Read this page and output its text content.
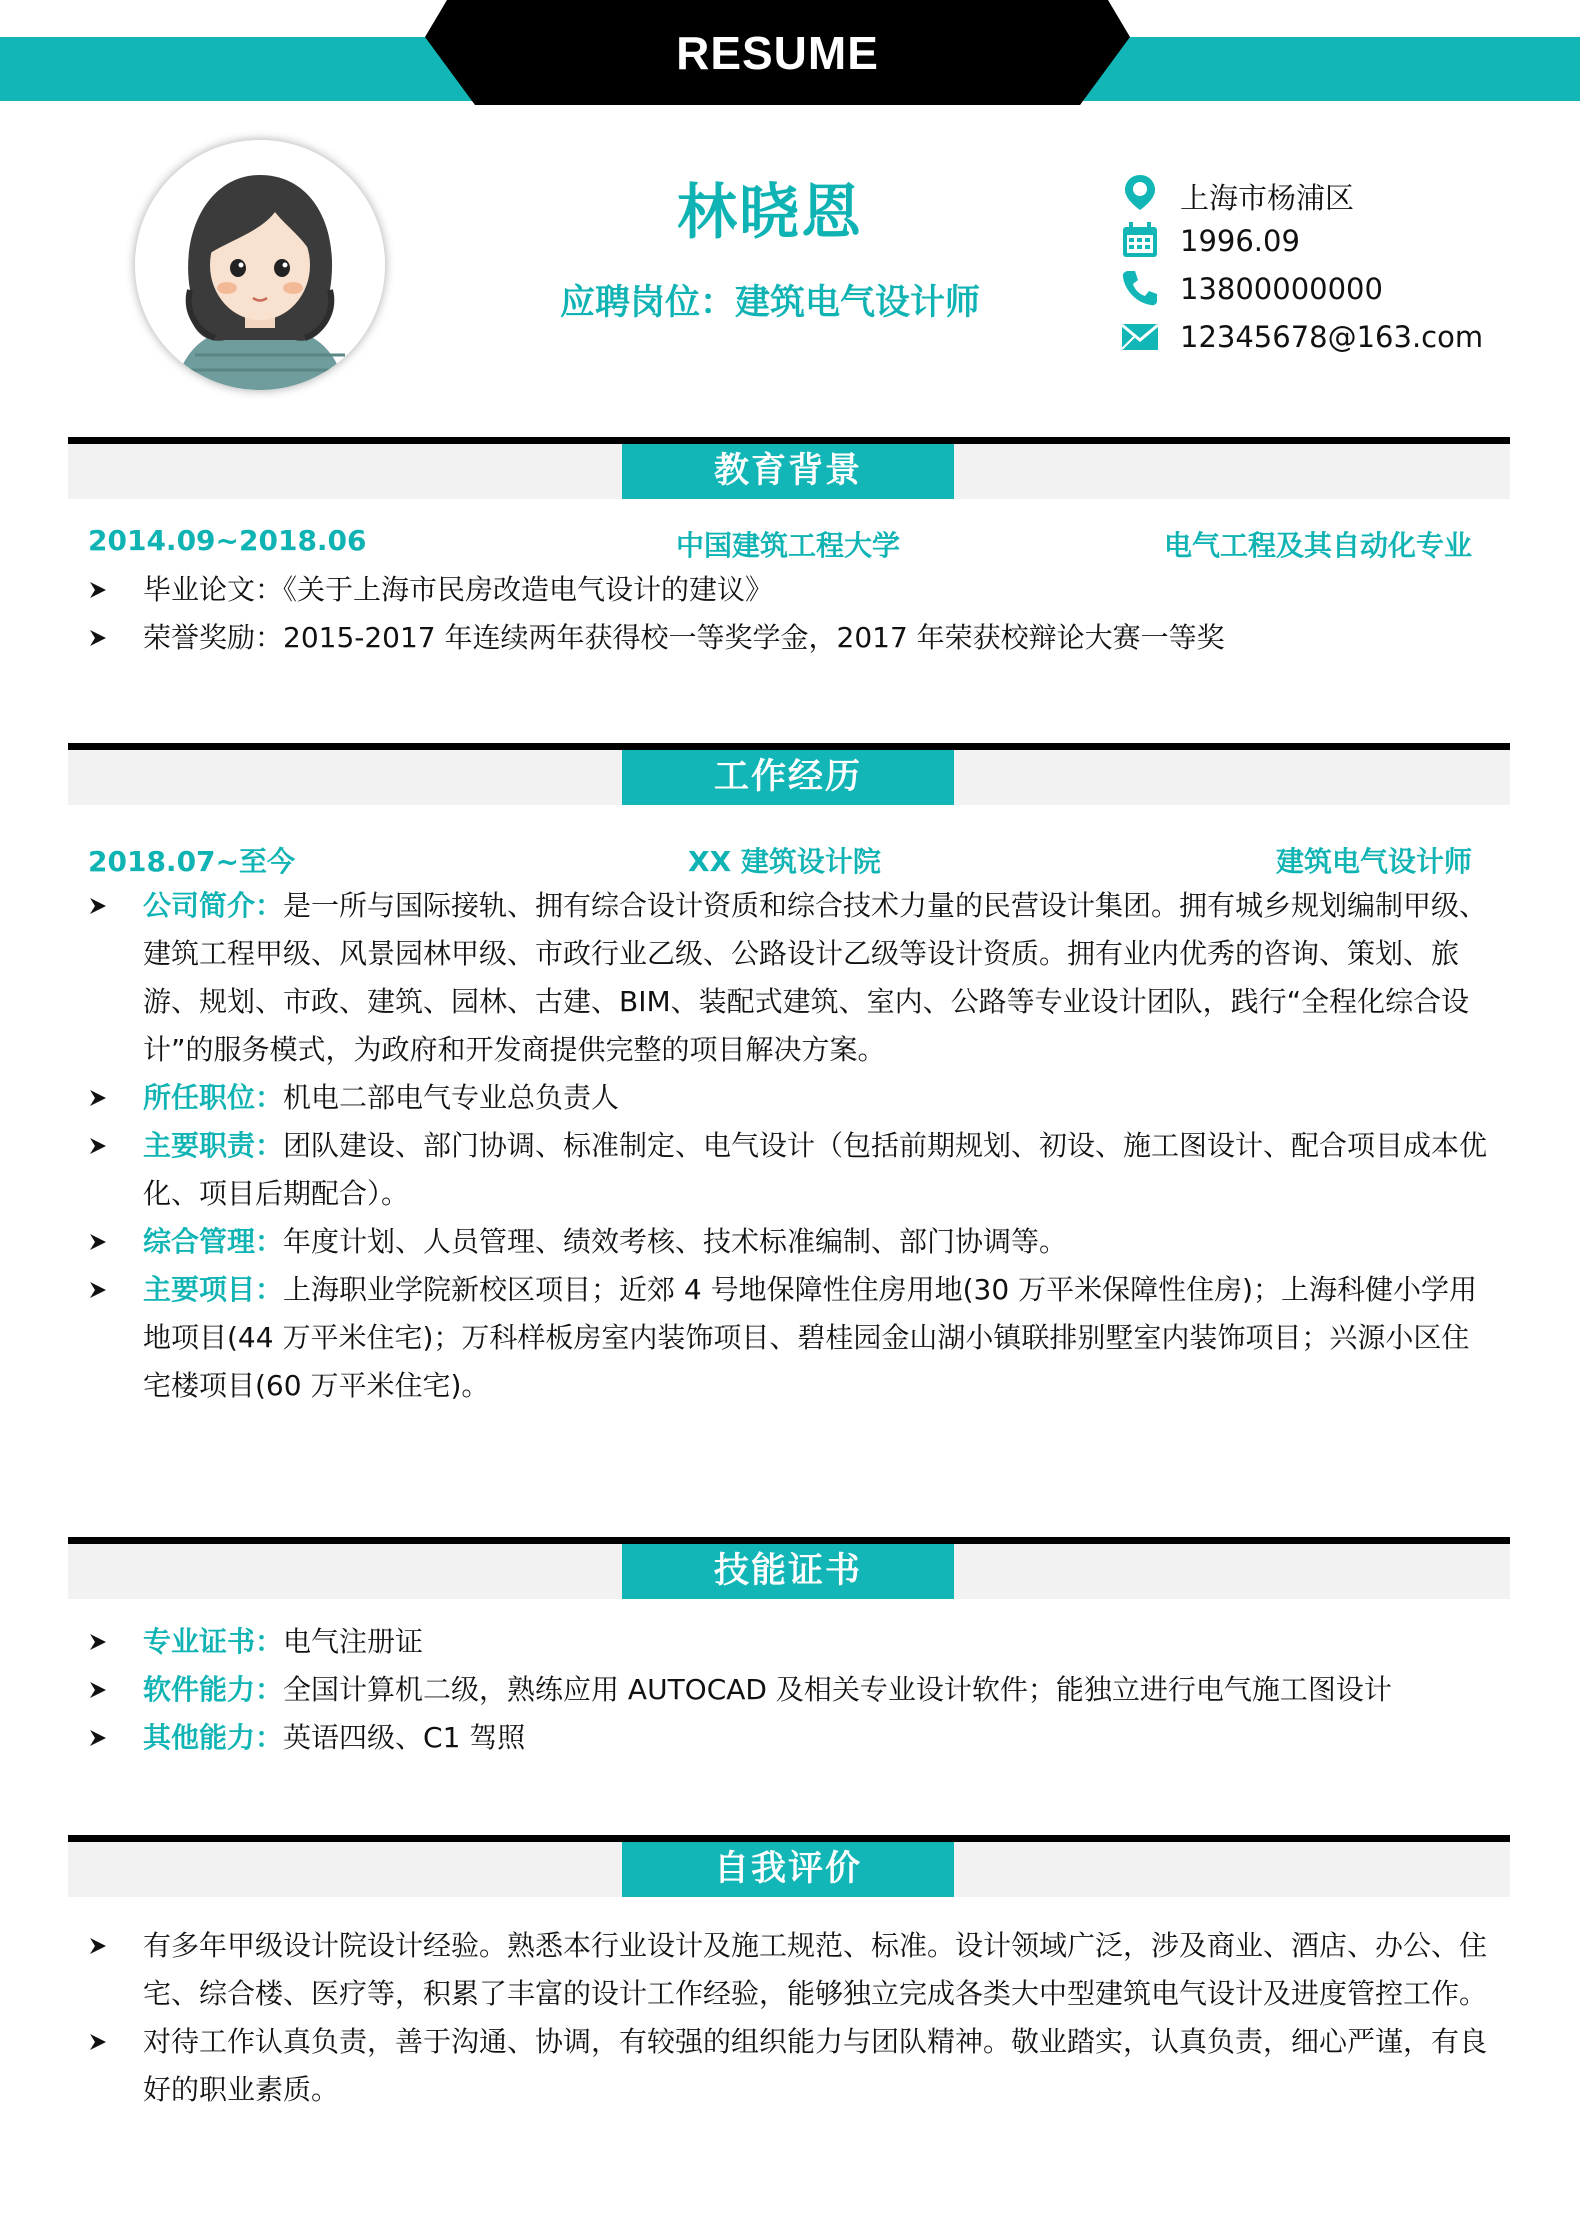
RESUME
林晓恩
应聘岗位：建筑电气设计师
上海市杨浦区
1996.09
13800000000
12345678@163.com
教育背景
2014.09~2018.06	中国建筑工程大学	电气工程及其自动化专业
毕业论文：《关于上海市民房改造电气设计的建议》
荣誉奖励：2015-2017 年连续两年获得校一等奖学金，2017 年荣获校辩论大赛一等奖
工作经历
2018.07~至今	XX 建筑设计院	建筑电气设计师
公司简介：是一所与国际接轨、拥有综合设计资质和综合技术力量的民营设计集团。拥有城乡规划编制甲级、建筑工程甲级、风景园林甲级、市政行业乙级、公路设计乙级等设计资质。拥有业内优秀的咨询、策划、旅游、规划、市政、建筑、园林、古建、BIM、装配式建筑、室内、公路等专业设计团队，践行“全程化综合设计”的服务模式，为政府和开发商提供完整的项目解决方案。
所任职位：机电二部电气专业总负责人
主要职责：团队建设、部门协调、标准制定、电气设计（包括前期规划、初设、施工图设计、配合项目成本优化、项目后期配合）。
综合管理：年度计划、人员管理、绩效考核、技术标准编制、部门协调等。
主要项目：上海职业学院新校区项目；近郊 4 号地保障性住房用地(30 万平米保障性住房)；上海科健小学用地项目(44 万平米住宅)；万科样板房室内装饰项目、碧桂园金山湖小镇联排别墅室内装饰项目；兴源小区住宅楼项目(60 万平米住宅)。
技能证书
专业证书：电气注册证
软件能力：全国计算机二级，熟练应用 AUTOCAD 及相关专业设计软件；能独立进行电气施工图设计
其他能力：英语四级、C1 驾照
自我评价
有多年甲级设计院设计经验。熟悉本行业设计及施工规范、标准。设计领域广泛，涉及商业、酒店、办公、住宅、综合楼、医疗等，积累了丰富的设计工作经验，能够独立完成各类大中型建筑电气设计及进度管控工作。
对待工作认真负责，善于沟通、协调，有较强的组织能力与团队精神。敬业踏实，认真负责，细心严谨，有良好的职业素质。
